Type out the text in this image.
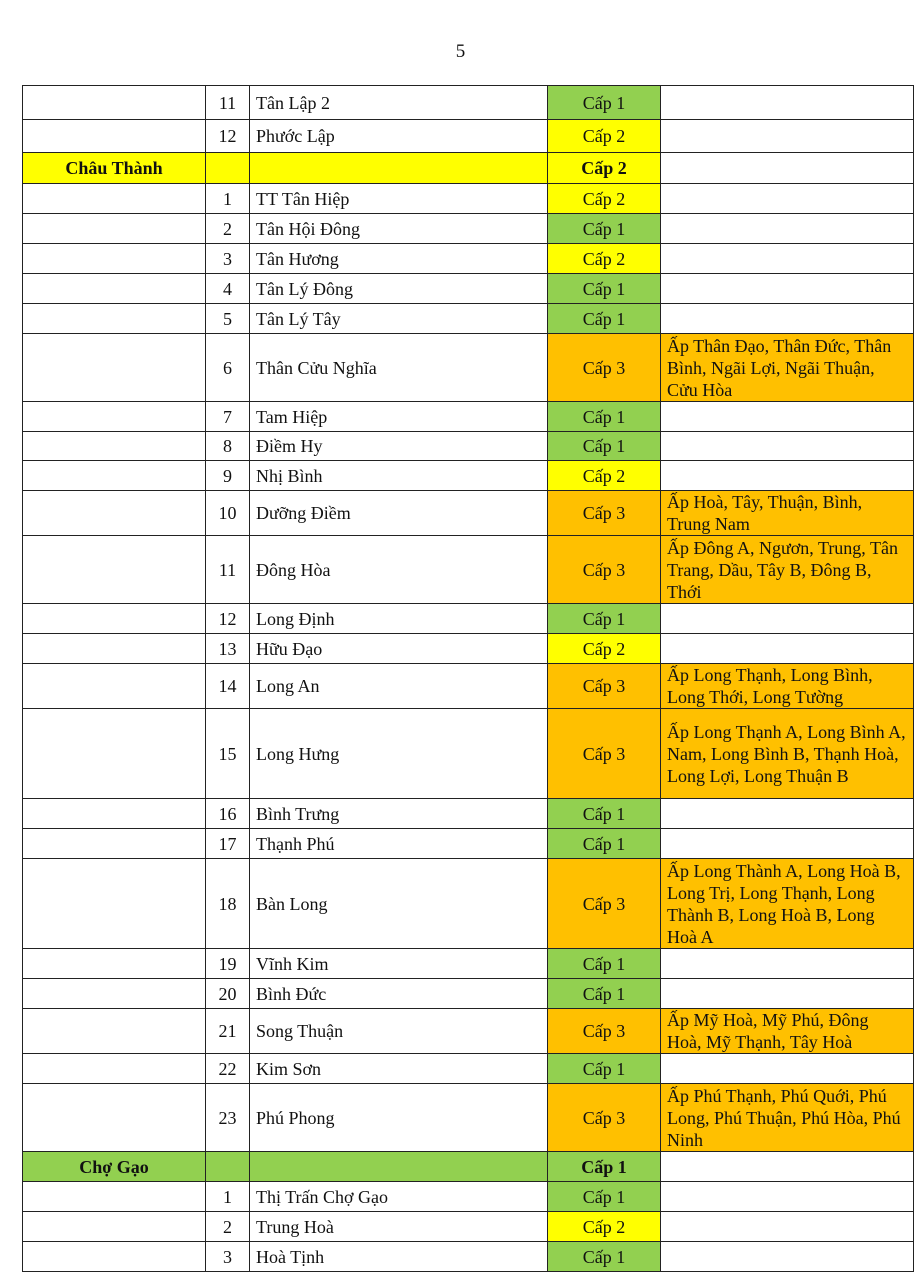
5
	11	Tân Lập 2	Cấp 1	
	12	Phước Lập	Cấp 2	
Châu Thành			Cấp 2	
	1	TT Tân Hiệp	Cấp 2	
	2	Tân Hội Đông	Cấp 1	
	3	Tân Hương	Cấp 2	
	4	Tân Lý Đông	Cấp 1	
	5	Tân Lý Tây	Cấp 1	
	6	Thân Cửu Nghĩa	Cấp 3	Ấp Thân Đạo, Thân Đức, Thân Bình, Ngãi Lợi, Ngãi Thuận, Cửu Hòa
	7	Tam Hiệp	Cấp 1	
	8	Điềm Hy	Cấp 1	
	9	Nhị Bình	Cấp 2	
	10	Dưỡng Điềm	Cấp 3	Ấp Hoà, Tây, Thuận, Bình, Trung Nam
	11	Đông Hòa	Cấp 3	Ấp Đông A, Ngươn, Trung, Tân Trang, Dầu, Tây B, Đông B, Thới
	12	Long Định	Cấp 1	
	13	Hữu Đạo	Cấp 2	
	14	Long An	Cấp 3	Ấp Long Thạnh, Long Bình, Long Thới, Long Tường
	15	Long Hưng	Cấp 3	Ấp Long Thạnh A, Long Bình A, Nam, Long Bình B, Thạnh Hoà, Long Lợi, Long Thuận B
	16	Bình Trưng	Cấp 1	
	17	Thạnh Phú	Cấp 1	
	18	Bàn Long	Cấp 3	Ấp Long Thành A, Long Hoà B, Long Trị, Long Thạnh, Long Thành B, Long Hoà B, Long Hoà A
	19	Vĩnh Kim	Cấp 1	
	20	Bình Đức	Cấp 1	
	21	Song Thuận	Cấp 3	Ấp Mỹ Hoà, Mỹ Phú, Đông Hoà, Mỹ Thạnh, Tây Hoà
	22	Kim Sơn	Cấp 1	
	23	Phú Phong	Cấp 3	Ấp Phú Thạnh, Phú Quới, Phú Long, Phú Thuận, Phú Hòa, Phú Ninh
Chợ Gạo			Cấp 1	
	1	Thị Trấn Chợ Gạo	Cấp 1	
	2	Trung Hoà	Cấp 2	
	3	Hoà Tịnh	Cấp 1	
